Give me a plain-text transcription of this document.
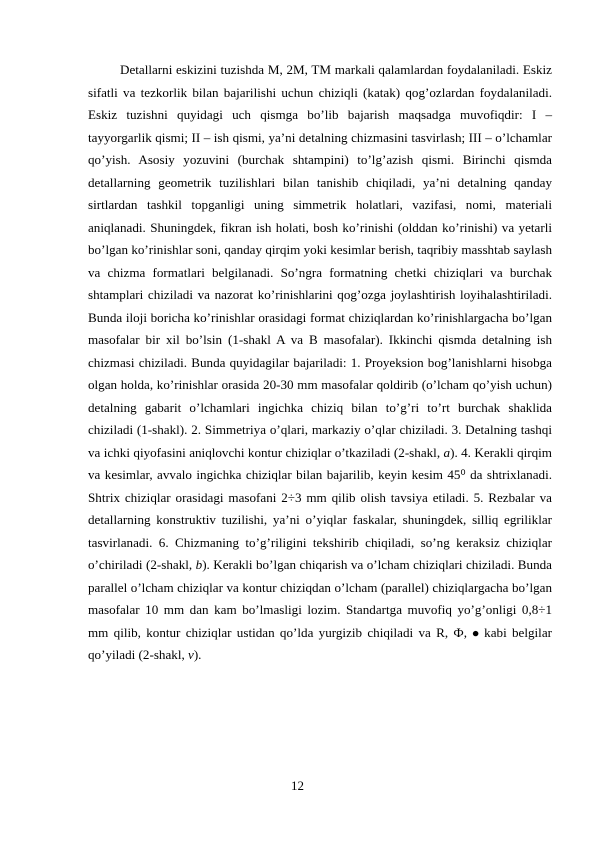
Detallarni eskizini tuzishda M, 2M, TM markali qalamlardan foydalaniladi. Eskiz sifatli va tezkorlik bilan bajarilishi uchun chiziqli (katak) qog’ozlardan foydalaniladi. Eskiz tuzishni quyidagi uch qismga bo’lib bajarish maqsadga muvofiqdir: I – tayyorgarlik qismi; II – ish qismi, ya’ni detalning chizmasini tasvirlash; III – o’lchamlar qo’yish. Asosiy yozuvini (burchak shtampini) to’lg’azish qismi. Birinchi qismda detallarning geometrik tuzilishlari bilan tanishib chiqiladi, ya’ni detalning qanday sirtlardan tashkil topganligi uning simmetrik holatlari, vazifasi, nomi, materiali aniqlanadi. Shuningdek, fikran ish holati, bosh ko’rinishi (olddan ko’rinishi) va yetarli bo’lgan ko’rinishlar soni, qanday qirqim yoki kesimlar berish, taqribiy masshtab saylash va chizma formatlari belgilanadi. So’ngra formatning chetki chiziqlari va burchak shtamplari chiziladi va nazorat ko’rinishlarini qog’ozga joylashtirish loyihalashtiriladi. Bunda iloji boricha ko’rinishlar orasidagi format chiziqlardan ko’rinishlargacha bo’lgan masofalar bir xil bo’lsin (1-shakl A va B masofalar). Ikkinchi qismda detalning ish chizmasi chiziladi. Bunda quyidagilar bajariladi: 1. Proyeksion bog’lanishlarni hisobga olgan holda, ko’rinishlar orasida 20-30 mm masofalar qoldirib (o’lcham qo’yish uchun) detalning gabarit o’lchamlari ingichka chiziq bilan to’g’ri to’rt burchak shaklida chiziladi (1-shakl). 2. Simmetriya o’qlari, markaziy o’qlar chiziladi. 3. Detalning tashqi va ichki qiyofasini aniqlovchi kontur chiziqlar o’tkaziladi (2-shakl, a). 4. Kerakli qirqim va kesimlar, avvalo ingichka chiziqlar bilan bajarilib, keyin kesim 45⁰ da shtrixlanadi. Shtrix chiziqlar orasidagi masofani 2÷3 mm qilib olish tavsiya etiladi. 5. Rezbalar va detallarning konstruktiv tuzilishi, ya’ni o’yiqlar faskalar, shuningdek, silliq egriliklar tasvirlanadi. 6. Chizmaning to’g’riligini tekshirib chiqiladi, so’ng keraksiz chiziqlar o’chiriladi (2-shakl, b). Kerakli bo’lgan chiqarish va o’lcham chiziqlari chiziladi. Bunda parallel o’lcham chiziqlar va kontur chiziqdan o’lcham (parallel) chiziqlargacha bo’lgan masofalar 10 mm dan kam bo’lmasligi lozim. Standartga muvofiq yo’g’onligi 0,8÷1 mm qilib, kontur chiziqlar ustidan qo’lda yurgizib chiqiladi va R, Ф, ⦁ kabi belgilar qo’yiladi (2-shakl, v).

12
